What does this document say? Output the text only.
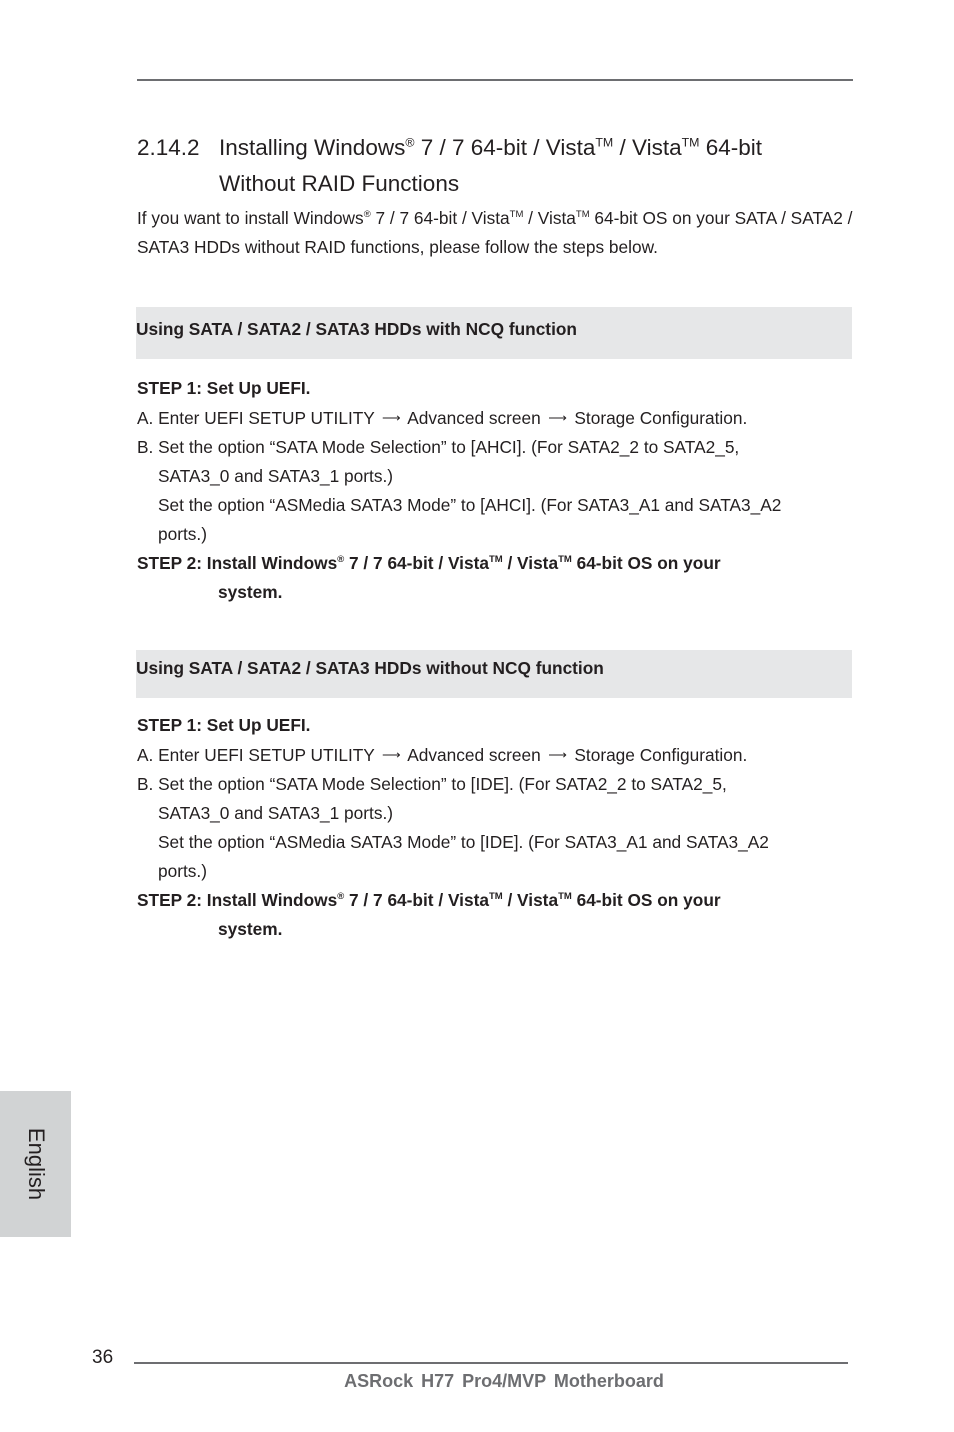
2.14.2 Installing Windows® 7 / 7 64-bit / Vista™ / Vista™ 64-bit
Without RAID Functions

If you want to install Windows® 7 / 7 64-bit / Vista™ / Vista™ 64-bit OS on your SATA / SATA2 / SATA3 HDDs without RAID functions, please follow the steps below.

Using SATA / SATA2 / SATA3 HDDs with NCQ function

STEP 1: Set Up UEFI.

A. Enter UEFI SETUP UTILITY ⟶ Advanced screen ⟶ Storage Configuration.

B. Set the option “SATA Mode Selection” to [AHCI]. (For SATA2_2 to SATA2_5,

SATA3_0 and SATA3_1 ports.)

Set the option “ASMedia SATA3 Mode” to [AHCI]. (For SATA3_A1 and SATA3_A2

ports.)

STEP 2: Install Windows® 7 / 7 64-bit / Vista™ / Vista™ 64-bit OS on your

system.

Using SATA / SATA2 / SATA3 HDDs without NCQ function

STEP 1: Set Up UEFI.

A. Enter UEFI SETUP UTILITY ⟶ Advanced screen ⟶ Storage Configuration.

B. Set the option “SATA Mode Selection” to [IDE]. (For SATA2_2 to SATA2_5,

SATA3_0 and SATA3_1 ports.)

Set the option “ASMedia SATA3 Mode” to [IDE]. (For SATA3_A1 and SATA3_A2

ports.)

STEP 2: Install Windows® 7 / 7 64-bit / Vista™ / Vista™ 64-bit OS on your

system.

English
36
ASRock H77 Pro4/MVP Motherboard
